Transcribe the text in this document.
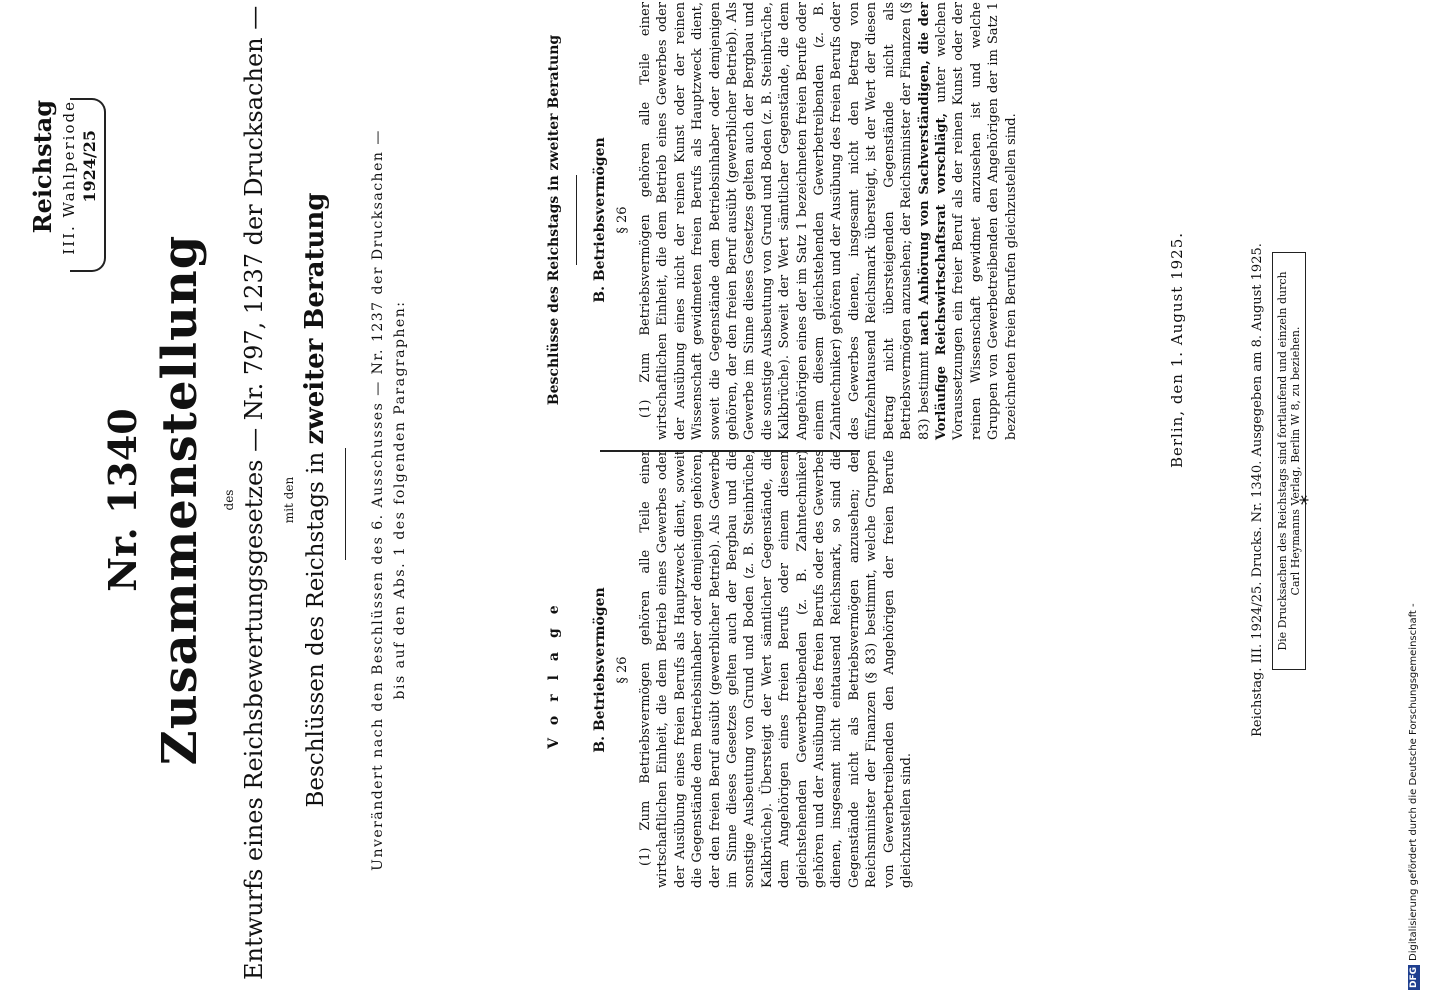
Reichstag III. Wahlperiode 1924/25
Nr. 1340 Zusammenstellung des Entwurfs eines Reichsbewertungsgesetzes — Nr. 797, 1237 der Drucksachen — mit den Beschlüssen des Reichstags in zweiter Beratung	Unverändert nach den Beschlüssen des 6. Ausschusses — Nr. 1237 der Drucksachen — bis auf den Abs. 1 des folgenden Paragraphen:	Vorlage
Beschlüsse des Reichstags in zweiter Beratung
B. Betriebsvermögen § 26 (1) Zum Betriebsvermögen gehören alle Teile einer wirtschaftlichen Einheit, die dem Betrieb eines Gewerbes oder der Ausübung eines freien Berufs als Hauptzweck dient, soweit die Gegenstände dem Betriebsinhaber oder demjenigen gehören, der den freien Beruf ausübt (gewerblicher Betrieb). Als Gewerbe im Sinne dieses Gesetzes gelten auch der Bergbau und die sonstige Ausbeutung von Grund und Boden (z. B. Steinbrüche, Kalkbrüche). Übersteigt der Wert sämtlicher Gegenstände, die dem Angehörigen eines freien Berufs oder einem diesem gleichstehenden Gewerbetreibenden (z. B. Zahntechniker) gehören und der Ausübung des freien Berufs oder des Gewerbes dienen, insgesamt nicht eintausend Reichsmark, so sind die Gegenstände nicht als Betriebsvermögen anzusehen; der Reichsminister der Finanzen (§ 83) bestimmt, welche Gruppen von Gewerbetreibenden den Angehörigen der freien Berufe gleichzustellen sind.

B. Betriebsvermögen § 26 (1) Zum Betriebsvermögen gehören alle Teile einer wirtschaftlichen Einheit, die dem Betrieb eines Gewerbes oder der Ausübung eines nicht der reinen Kunst oder der reinen Wissenschaft gewidmeten freien Berufs als Hauptzweck dient, soweit die Gegenstände dem Betriebsinhaber oder demjenigen gehören, der den freien Beruf ausübt (gewerblicher Betrieb). Als Gewerbe im Sinne dieses Gesetzes gelten auch der Bergbau und die sonstige Ausbeutung von Grund und Boden (z. B. Steinbrüche, Kalkbrüche). Soweit der Wert sämtlicher Gegenstände, die dem Angehörigen eines der im Satz 1 bezeichneten freien Berufe oder einem diesem gleichstehenden Gewerbetreibenden (z. B. Zahntechniker) gehören und der Ausübung des freien Berufs oder des Gewerbes dienen, insgesamt nicht den Betrag von fünfzehntausend Reichsmark übersteigt, ist der Wert der diesen Betrag nicht übersteigenden Gegenstände nicht als Betriebsvermögen anzusehen; der Reichsminister der Finanzen (§ 83) bestimmt nach Anhörung von Sachverständigen, die der Vorläufige Reichswirtschaftsrat vorschlägt, unter welchen Voraussetzungen ein freier Beruf als der reinen Kunst oder der reinen Wissenschaft gewidmet anzusehen ist und welche Gruppen von Gewerbetreibenden den Angehörigen der im Satz 1 bezeichneten freien Berufen gleichzustellen sind.	Berlin, den 1. August 1925.	Reichstag. III. 1924/25. Drucks. Nr. 1340. Ausgegeben am 8. August 1925.	Die Drucksachen des Reichstags sind fortlaufend und einzeln durch Carl Heymanns Verlag, Berlin W 8, zu beziehen.
*
DFGDigitalisierung gefördert durch die Deutsche Forschungsgemeinschaft -
